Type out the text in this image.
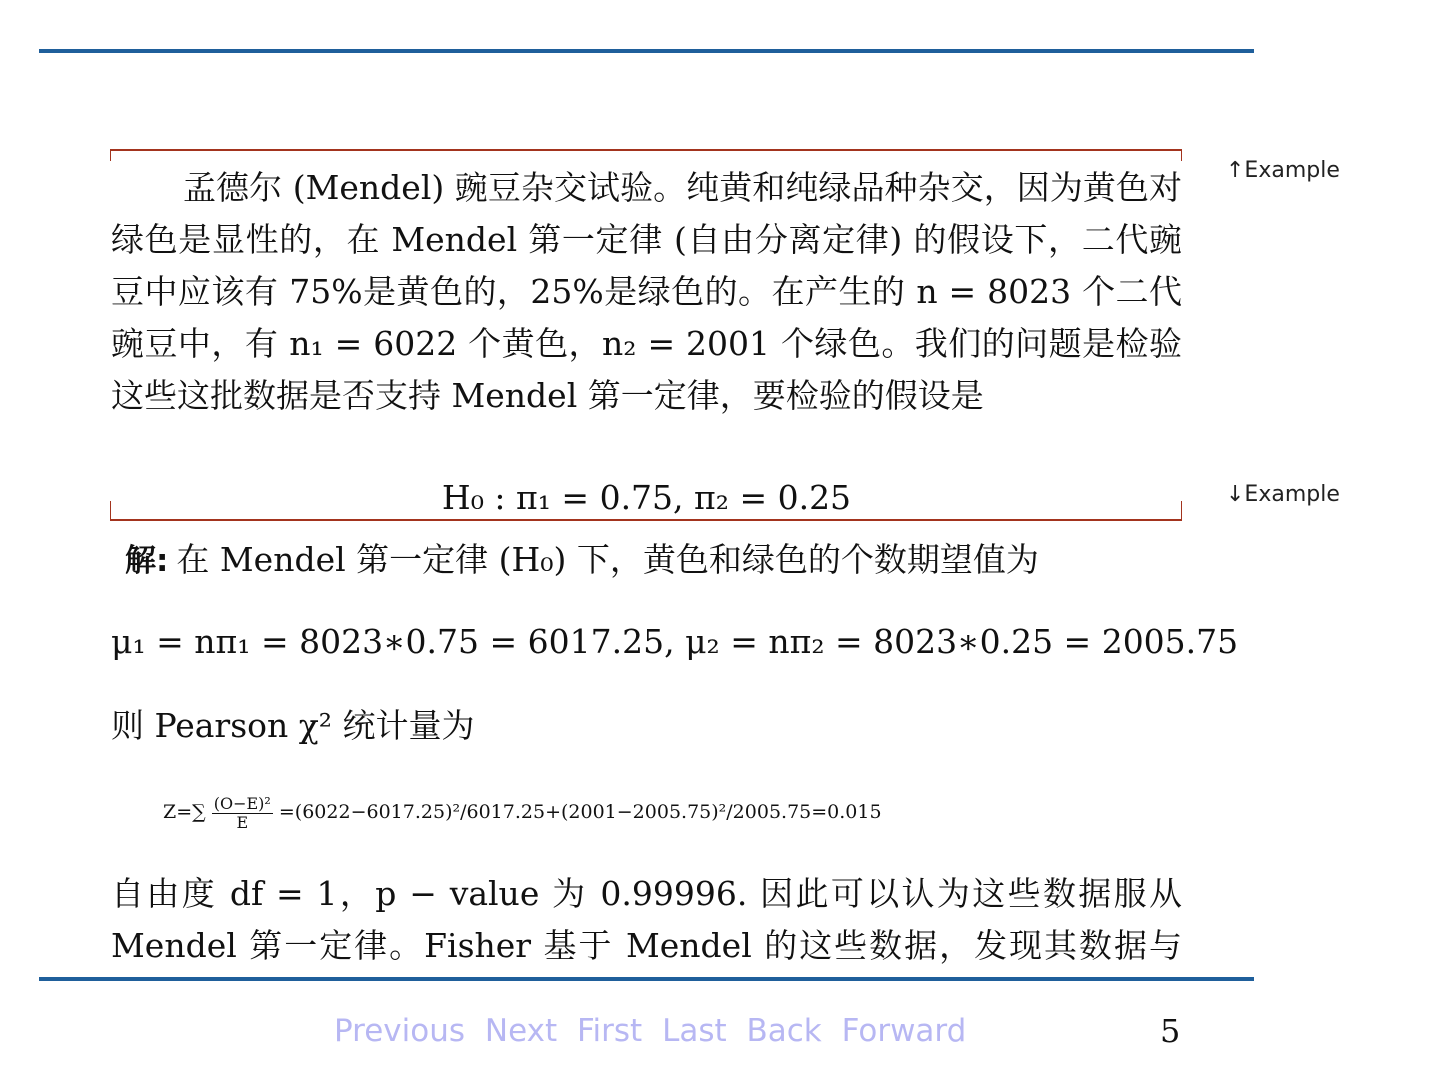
孟德尔 (Mendel) 豌豆杂交试验。纯黄和纯绿品种杂交，因为黄色对绿色是显性的，在 Mendel 第一定律 (自由分离定律) 的假设下，二代豌豆中应该有 75%是黄色的，25%是绿色的。在产生的 n = 8023 个二代豌豆中，有 n₁ = 6022 个黄色，n₂ = 2001 个绿色。我们的问题是检验这些这批数据是否支持 Mendel 第一定律，要检验的假设是

H₀ : π₁ = 0.75, π₂ = 0.25
↑Example
↓Example

解: 在 Mendel 第一定律 (H₀) 下，黄色和绿色的个数期望值为

μ₁ = nπ₁ = 8023∗0.75 = 6017.25, μ₂ = nπ₂ = 8023∗0.25 = 2005.75

则 Pearson χ² 统计量为

$Z=\sum \frac{\text{(O−E)²}}{E} =(6022-6017.25)^2/6017.25+(2001-2005.75)^2/2005.75=0.015$

自由度 df = 1，p − value 为 0.99996. 因此可以认为这些数据服从 Mendel 第一定律。Fisher 基于 Mendel 的这些数据，发现其数据与

Previous Next First Last Back Forward	5
